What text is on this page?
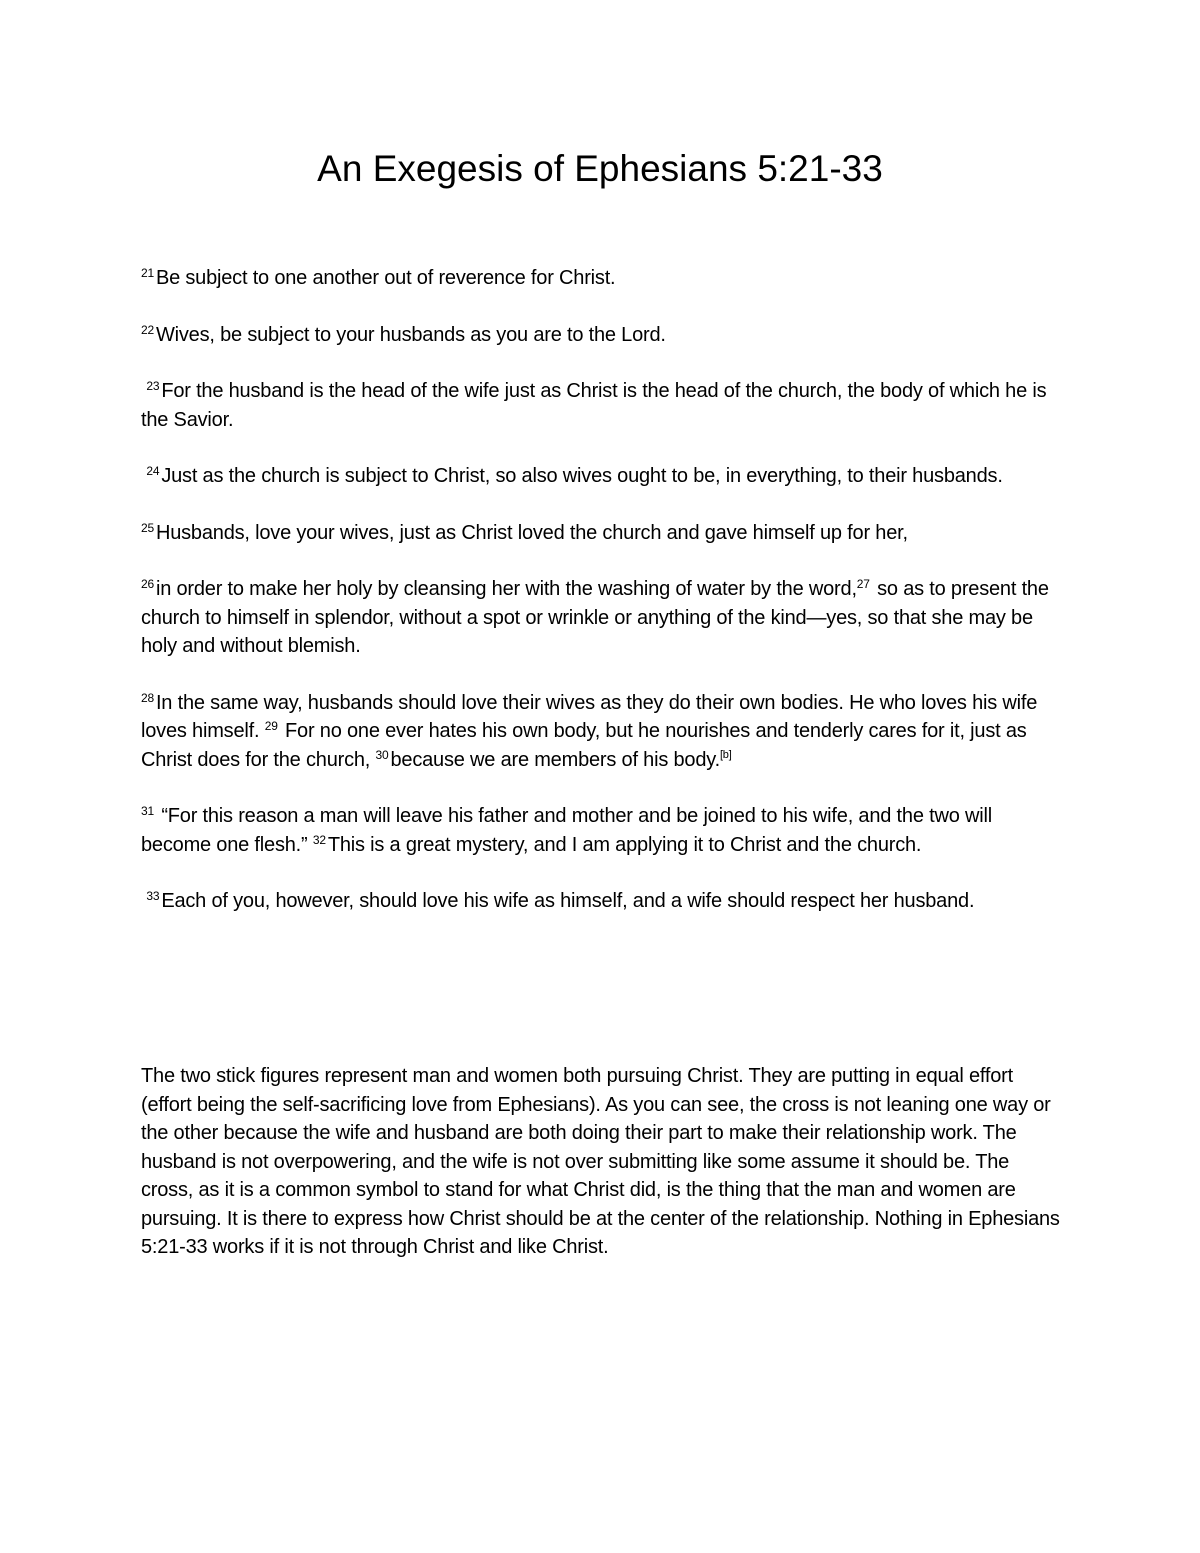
An Exegesis of Ephesians 5:21-33

$^{21}$ Be subject to one another out of reverence for Christ.

$^{22}$ Wives, be subject to your husbands as you are to the Lord.

$^{23}$ For the husband is the head of the wife just as Christ is the head of the church, the body of which he is the Savior.

$^{24}$ Just as the church is subject to Christ, so also wives ought to be, in everything, to their husbands.

$^{25}$ Husbands, love your wives, just as Christ loved the church and gave himself up for her,

$^{26}$ in order to make her holy by cleansing her with the washing of water by the word,$^{27}$ so as to present the church to himself in splendor, without a spot or wrinkle or anything of the kind—yes, so that she may be holy and without blemish.

$^{28}$ In the same way, husbands should love their wives as they do their own bodies. He who loves his wife loves himself. $^{29}$ For no one ever hates his own body, but he nourishes and tenderly cares for it, just as Christ does for the church, $^{30}$ because we are members of his body.[b]

$^{31}$ “For this reason a man will leave his father and mother and be joined to his wife, and the two will become one flesh.” $^{32}$ This is a great mystery, and I am applying it to Christ and the church.

$^{33}$ Each of you, however, should love his wife as himself, and a wife should respect her husband.

The two stick figures represent man and women both pursuing Christ. They are putting in equal effort (effort being the self-sacrificing love from Ephesians). As you can see, the cross is not leaning one way or the other because the wife and husband are both doing their part to make their relationship work. The husband is not overpowering, and the wife is not over submitting like some assume it should be. The cross, as it is a common symbol to stand for what Christ did, is the thing that the man and women are pursuing. It is there to express how Christ should be at the center of the relationship. Nothing in Ephesians 5:21-33 works if it is not through Christ and like Christ.
